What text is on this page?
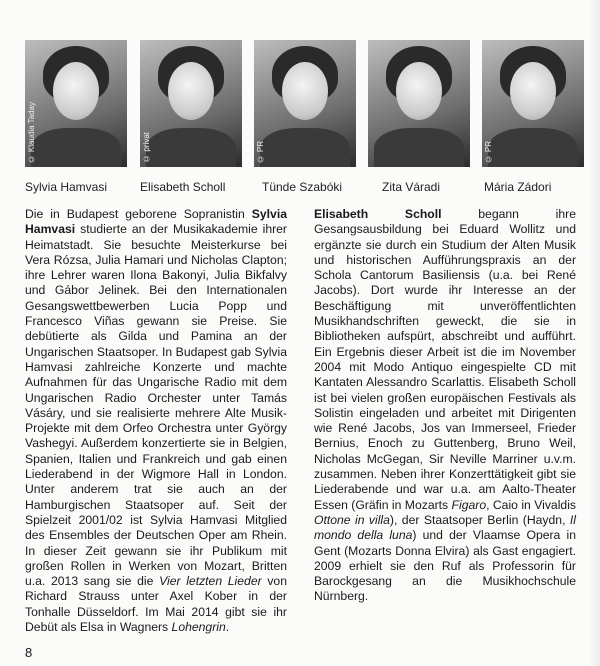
© Klaudia Taday
Sylvia Hamvasi
© privat
Elisabeth Scholl
© PR
Tünde Szabóki	Zita Váradi
© PR
Mária Zádori
Die in Budapest geborene Sopranistin Sylvia Hamvasi studierte an der Musikakademie ihrer Heimatstadt. Sie besuchte Meisterkurse bei Vera Rózsa, Julia Hamari und Nicholas Clapton; ihre Lehrer waren Ilona Bakonyi, Julia Bikfalvy und Gábor Jelinek. Bei den Internationalen Gesangswettbewerben Lucia Popp und Francesco Viñas gewann sie Preise. Sie debütierte als Gilda und Pamina an der Ungarischen Staatsoper. In Budapest gab Sylvia Hamvasi zahlreiche Konzerte und machte Aufnahmen für das Ungarische Radio mit dem Ungarischen Radio Orchester unter Tamás Vásáry, und sie realisierte mehrere Alte Musik-Projekte mit dem Orfeo Orchestra unter György Vashegyi. Außerdem konzertierte sie in Belgien, Spanien, Italien und Frankreich und gab einen Liederabend in der Wigmore Hall in London. Unter anderem trat sie auch an der Hamburgischen Staatsoper auf. Seit der Spielzeit 2001/02 ist Sylvia Hamvasi Mitglied des Ensembles der Deutschen Oper am Rhein. In dieser Zeit gewann sie ihr Publikum mit großen Rollen in Werken von Mozart, Britten u.a. 2013 sang sie die Vier letzten Lieder von Richard Strauss unter Axel Kober in der Tonhalle Düsseldorf. Im Mai 2014 gibt sie ihr Debüt als Elsa in Wagners Lohengrin.
Elisabeth Scholl begann ihre Gesangsausbildung bei Eduard Wollitz und ergänzte sie durch ein Studium der Alten Musik und historischen Aufführungspraxis an der Schola Cantorum Basiliensis (u.a. bei René Jacobs). Dort wurde ihr Interesse an der Beschäftigung mit unveröffentlichten Musikhandschriften geweckt, die sie in Bibliotheken aufspürt, abschreibt und aufführt. Ein Ergebnis dieser Arbeit ist die im November 2004 mit Modo Antiquo eingespielte CD mit Kantaten Alessandro Scarlattis. Elisabeth Scholl ist bei vielen großen europäischen Festivals als Solistin eingeladen und arbeitet mit Dirigenten wie René Jacobs, Jos van Immerseel, Frieder Bernius, Enoch zu Guttenberg, Bruno Weil, Nicholas McGegan, Sir Neville Marriner u.v.m. zusammen. Neben ihrer Konzerttätigkeit gibt sie Liederabende und war u.a. am Aalto-Theater Essen (Gräfin in Mozarts Figaro, Caio in Vivaldis Ottone in villa), der Staatsoper Berlin (Haydn, Il mondo della luna) und der Vlaamse Opera in Gent (Mozarts Donna Elvira) als Gast engagiert. 2009 erhielt sie den Ruf als Professorin für Barockgesang an die Musikhochschule Nürnberg.
8
